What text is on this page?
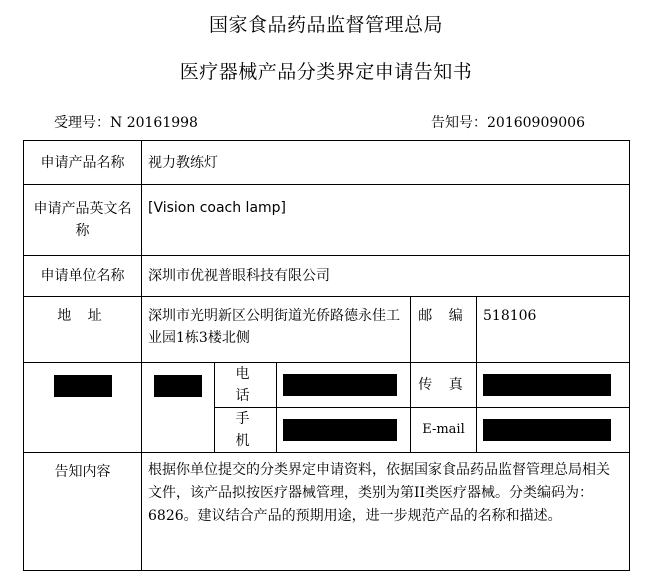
国家食品药品监督管理总局
医疗器械产品分类界定申请告知书
受理号：N 20161998	告知号：20160909006
申请产品名称	视力教练灯				
申请产品英文名称	[Vision coach lamp]				
申请单位名称	深圳市优视普眼科技有限公司				
地 址	深圳市光明新区公明街道光侨路德永佳工业园1栋3楼北侧			邮 编	518106
		电 话		传 真	
		手 机		E-mail	
告知内容	根据你单位提交的分类界定申请资料，依据国家食品药品监督管理总局相关文件，该产品拟按医疗器械管理，类别为第II类医疗器械。分类编码为：6826。建议结合产品的预期用途，进一步规范产品的名称和描述。				
